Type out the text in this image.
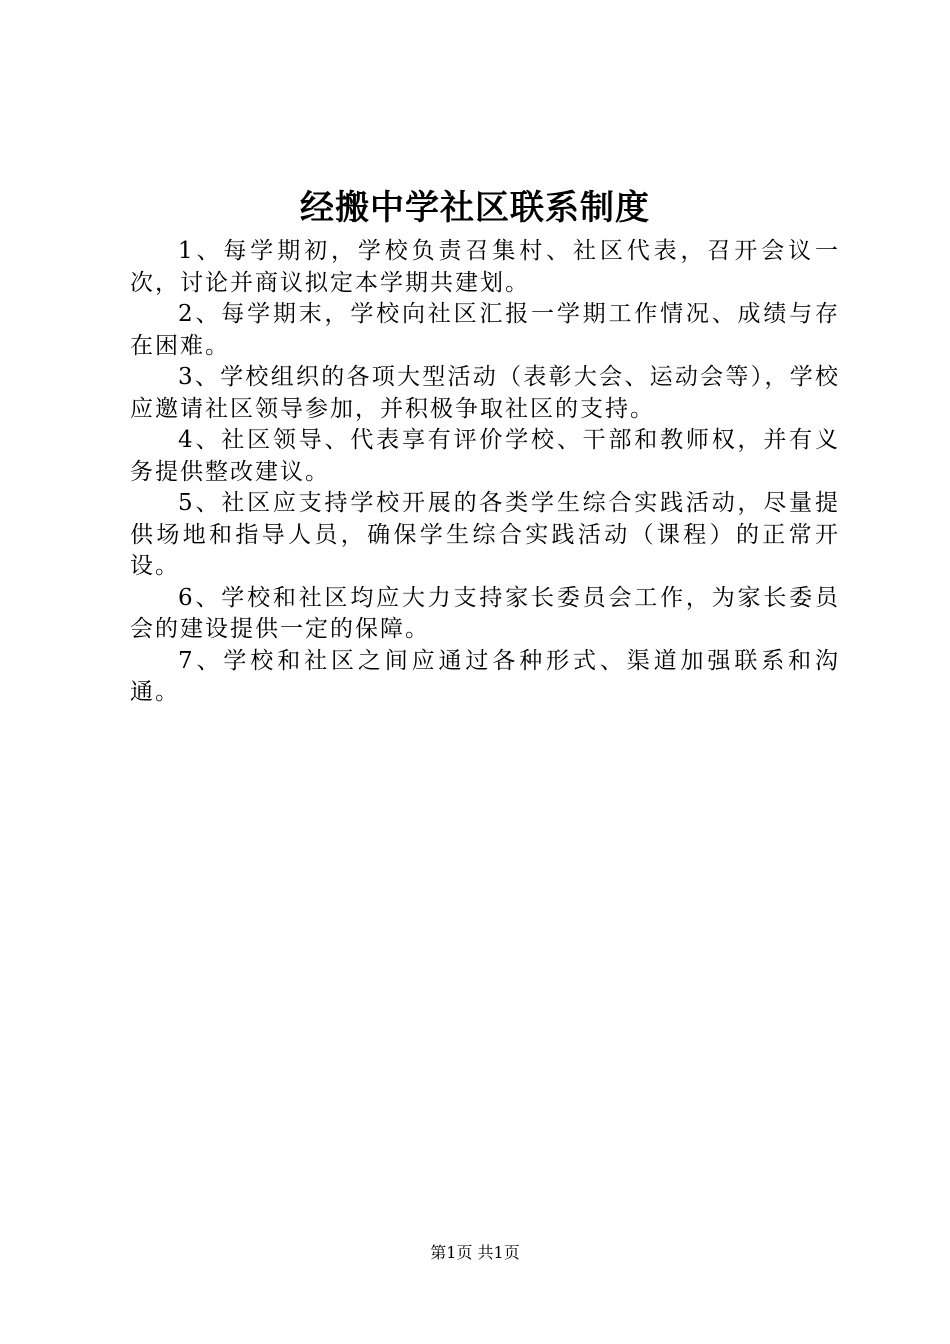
经搬中学社区联系制度

1、每学期初，学校负责召集村、社区代表，召开会议一次，讨论并商议拟定本学期共建划。

2、每学期末，学校向社区汇报一学期工作情况、成绩与存在困难。

3、学校组织的各项大型活动（表彰大会、运动会等），学校应邀请社区领导参加，并积极争取社区的支持。

4、社区领导、代表享有评价学校、干部和教师权，并有义务提供整改建议。

5、社区应支持学校开展的各类学生综合实践活动，尽量提供场地和指导人员，确保学生综合实践活动（课程）的正常开设。

6、学校和社区均应大力支持家长委员会工作，为家长委员会的建设提供一定的保障。

7、学校和社区之间应通过各种形式、渠道加强联系和沟通。

第1页 共1页
